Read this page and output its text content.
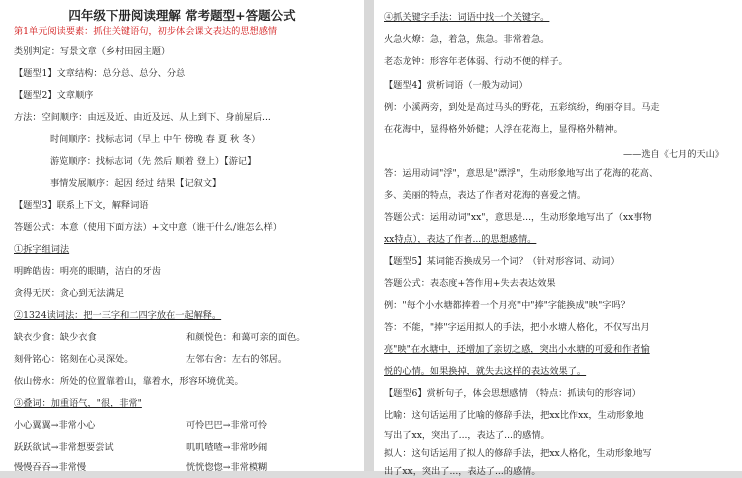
四年级下册阅读理解 常考题型+答题公式
第1单元阅读要素：抓住关键语句，初步体会课文表达的思想感情
类别判定：写景文章（乡村田园主题）
【题型1】文章结构：总分总、总分、分总
【题型2】文章顺序
方法：空间顺序：由远及近、由近及远、从上到下、身前屋后...
时间顺序：找标志词（早上 中午 傍晚 春 夏 秋 冬）
游览顺序：找标志词（先 然后 顺着 登上）【游记】
事情发展顺序：起因 经过 结果【记叙文】
【题型3】联系上下文，解释词语
答题公式：本意（使用下面方法）+文中意（谁干什么/谁怎么样）
①拆字组词法
明眸皓齿：明亮的眼睛，洁白的牙齿
贪得无厌：贪心到无法满足
②1324读词法：把一三字和二四字放在一起解释。
缺衣少食：缺少衣食	和颜悦色：和蔼可亲的面色。
刻骨铭心：铭刻在心灵深处。	左邻右舍：左右的邻居。
依山傍水：所处的位置靠着山，靠着水，形容环境优美。
③叠词：加重语气，"很，非常"
小心翼翼→非常小心	可怜巴巴→非常可怜
跃跃欲试→非常想要尝试	叽叽喳喳→非常吵闹
慢慢吞吞→非常慢	恍恍惚惚→非常模糊
④抓关键字手法：词语中找一个关键字。
火急火燎：急，着急，焦急。非常着急。
老态龙钟：形容年老体弱、行动不便的样子。
【题型4】赏析词语（一般为动词）
例：小溪两旁，到处是高过马头的野花，五彩缤纷，绚丽夺目。马走
在花海中，显得格外娇健；人浮在花海上，显得格外精神。
——选自《七月的天山》
答：运用动词"浮"，意思是"漂浮"，生动形象地写出了花海的花高、
多、美丽的特点，表达了作者对花海的喜爱之情。
答题公式：运用动词"xx"，意思是...，生动形象地写出了（xx事物
xx特点），表达了作者...的思想感情。
【题型5】某词能否换成另一个词？（针对形容词、动词）
答题公式：表态度+答作用+失去表达效果
例："每个小水塘都捧着一个月亮"中"捧"字能换成"映"字吗？
答：不能，"捧"字运用拟人的手法，把小水塘人格化，不仅写出月
亮"映"在水塘中，还增加了亲切之感，突出小水塘的可爱和作者愉
悦的心情。如果换掉，就失去这样的表达效果了。
【题型6】赏析句子，体会思想感情 （特点：抓读句的形容词）
比喻：这句话运用了比喻的修辞手法，把xx比作xx，生动形象地
写出了xx，突出了...，表达了...的感情。
拟人：这句话运用了拟人的修辞手法，把xx人格化，生动形象地写
出了xx，突出了...，表达了...的感情。
